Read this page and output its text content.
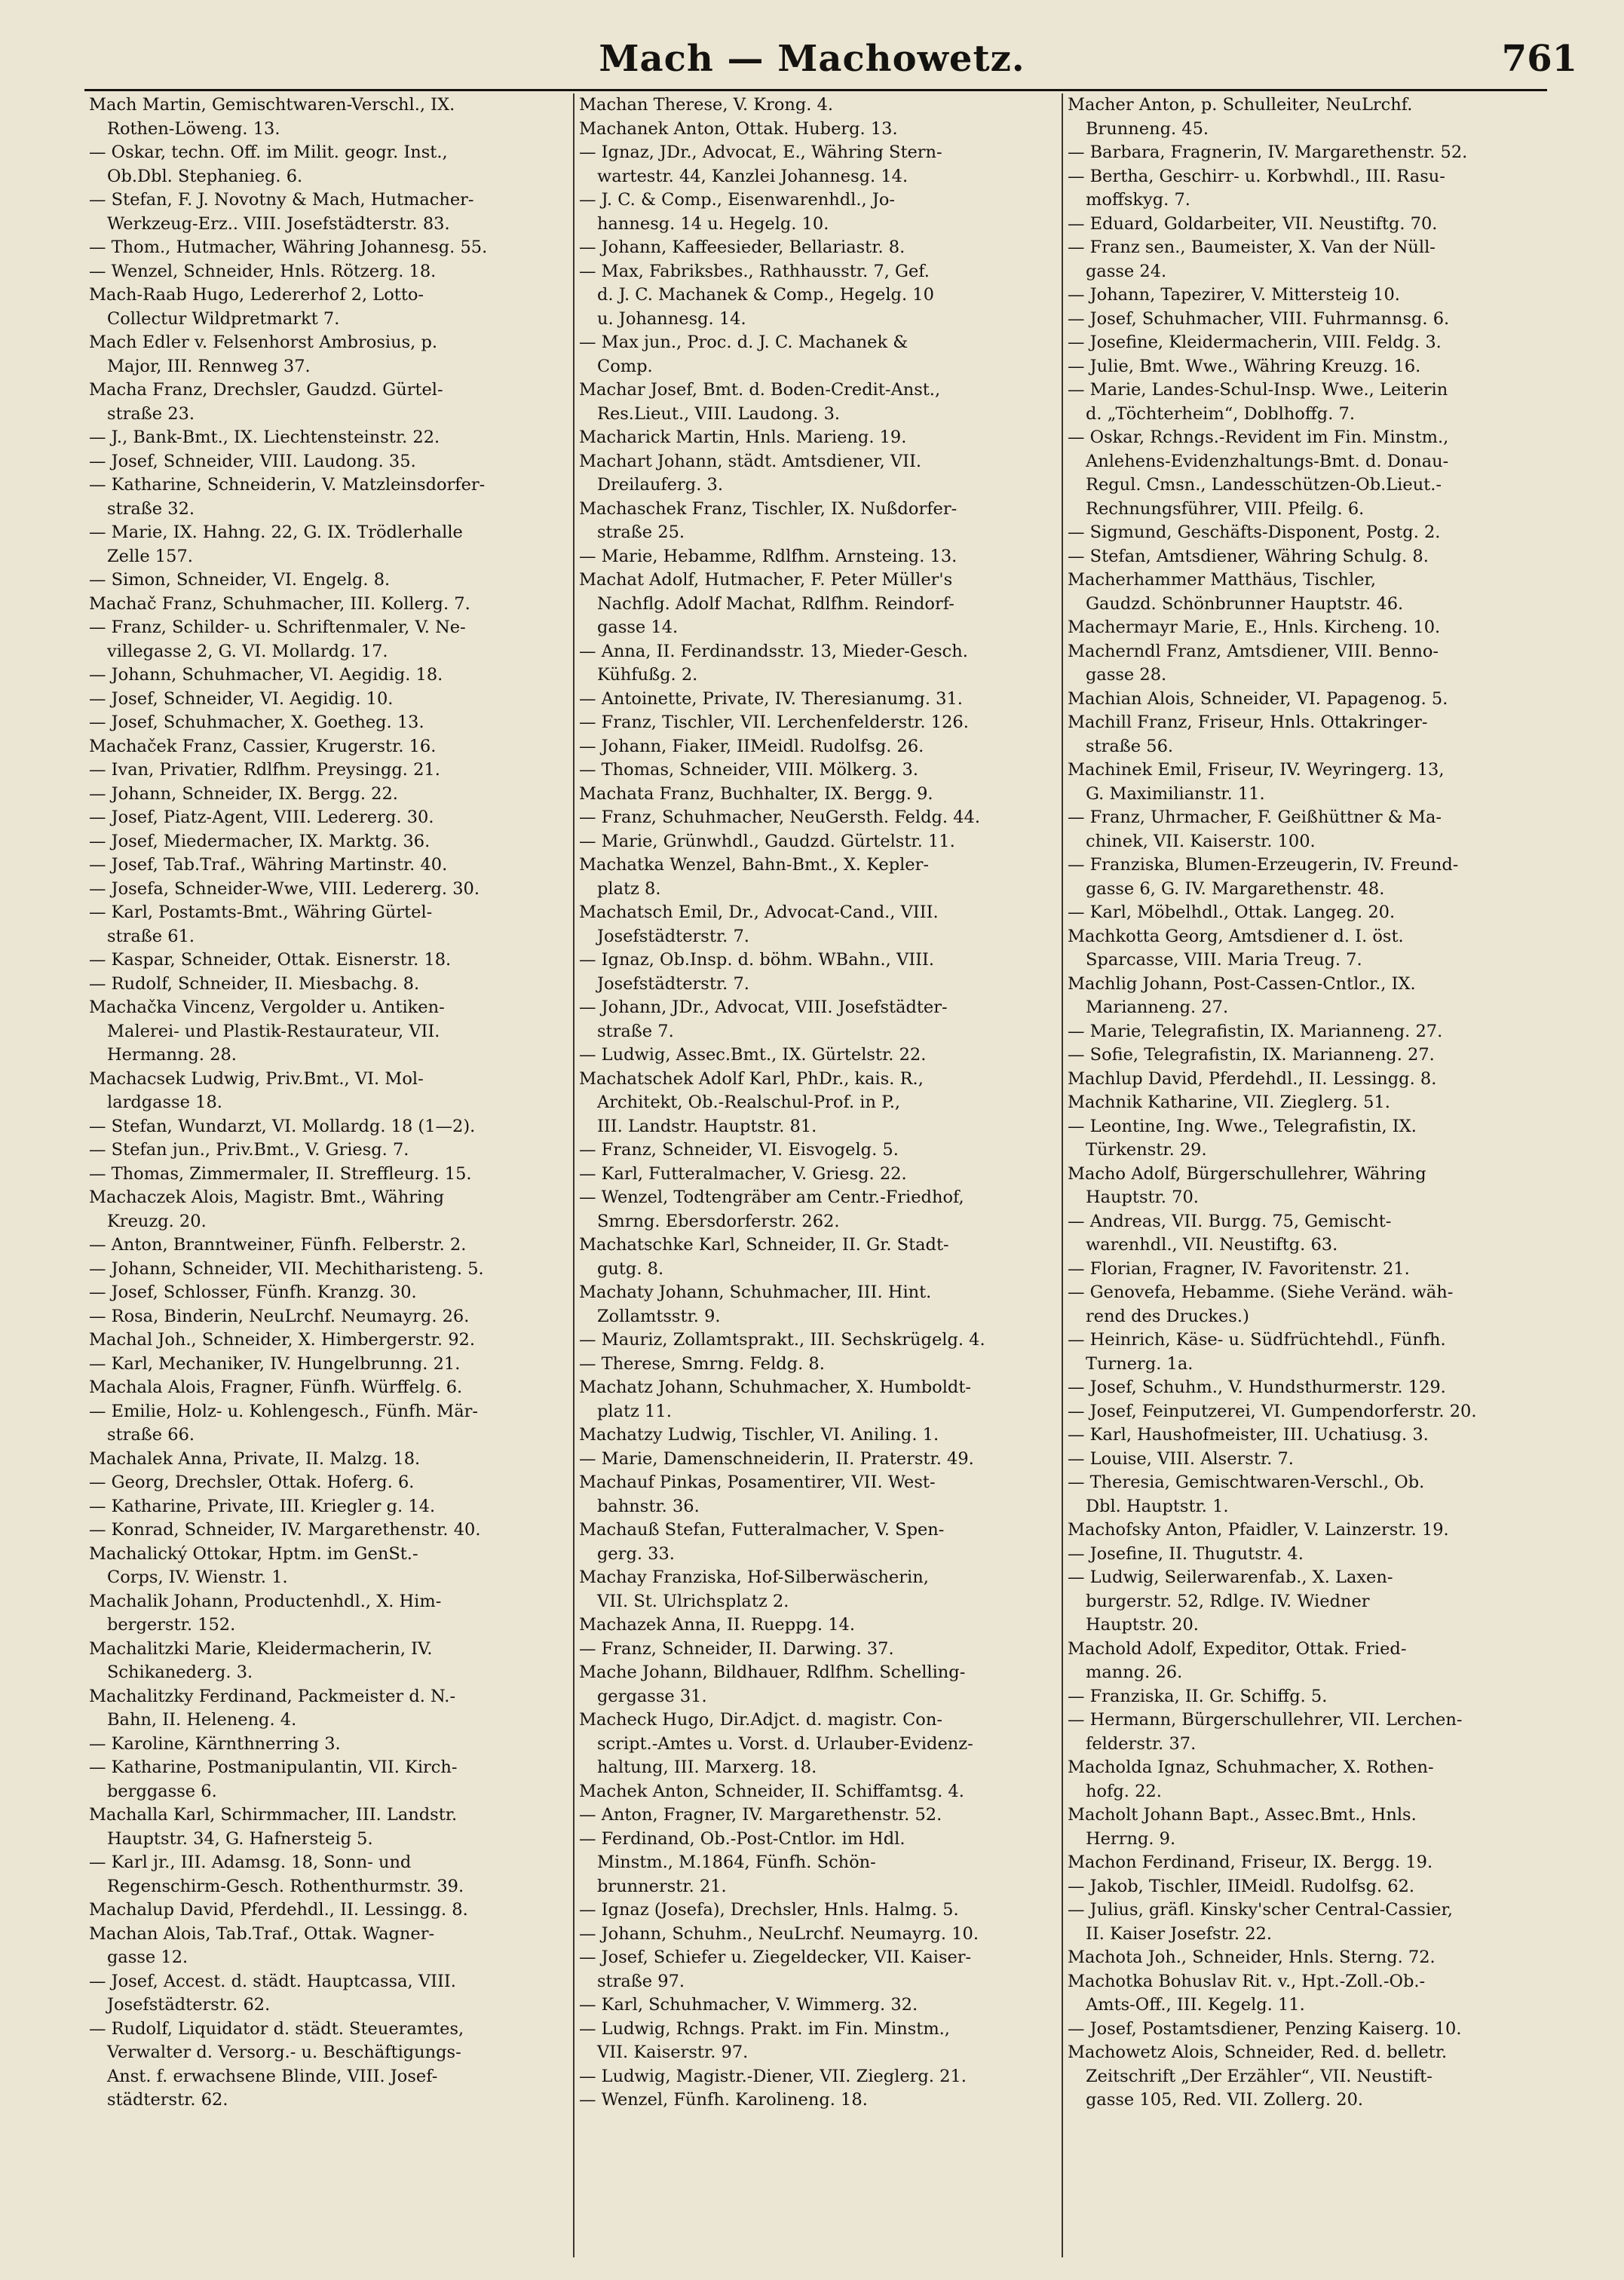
Mach — Machowetz.	761
Mach Martin, Gemischtwaren-Verschl., IX.
Rothen-Löweng. 13.
— Oskar, techn. Off. im Milit. geogr. Inst.,
Ob.Dbl. Stephanieg. 6.
— Stefan, F. J. Novotny & Mach, Hutmacher-
Werkzeug-Erz.. VIII. Josefstädterstr. 83.
— Thom., Hutmacher, Währing Johannesg. 55.
— Wenzel, Schneider, Hnls. Rötzerg. 18.
Mach-Raab Hugo, Ledererhof 2, Lotto-
Collectur Wildpretmarkt 7.
Mach Edler v. Felsenhorst Ambrosius, p.
Major, III. Rennweg 37.
Macha Franz, Drechsler, Gaudzd. Gürtel-
straße 23.
— J., Bank-Bmt., IX. Liechtensteinstr. 22.
— Josef, Schneider, VIII. Laudong. 35.
— Katharine, Schneiderin, V. Matzleinsdorfer-
straße 32.
— Marie, IX. Hahng. 22, G. IX. Trödlerhalle
Zelle 157.
— Simon, Schneider, VI. Engelg. 8.
Machač Franz, Schuhmacher, III. Kollerg. 7.
— Franz, Schilder- u. Schriftenmaler, V. Ne-
villegasse 2, G. VI. Mollardg. 17.
— Johann, Schuhmacher, VI. Aegidig. 18.
— Josef, Schneider, VI. Aegidig. 10.
— Josef, Schuhmacher, X. Goetheg. 13.
Machaček Franz, Cassier, Krugerstr. 16.
— Ivan, Privatier, Rdlfhm. Preysingg. 21.
— Johann, Schneider, IX. Bergg. 22.
— Josef, Piatz-Agent, VIII. Ledererg. 30.
— Josef, Miedermacher, IX. Marktg. 36.
— Josef, Tab.Traf., Währing Martinstr. 40.
— Josefa, Schneider-Wwe, VIII. Ledererg. 30.
— Karl, Postamts-Bmt., Währing Gürtel-
straße 61.
— Kaspar, Schneider, Ottak. Eisnerstr. 18.
— Rudolf, Schneider, II. Miesbachg. 8.
Machačka Vincenz, Vergolder u. Antiken-
Malerei- und Plastik-Restaurateur, VII.
Hermanng. 28.
Machacsek Ludwig, Priv.Bmt., VI. Mol-
lardgasse 18.
— Stefan, Wundarzt, VI. Mollardg. 18 (1—2).
— Stefan jun., Priv.Bmt., V. Griesg. 7.
— Thomas, Zimmermaler, II. Streffleurg. 15.
Machaczek Alois, Magistr. Bmt., Währing
Kreuzg. 20.
— Anton, Branntweiner, Fünfh. Felberstr. 2.
— Johann, Schneider, VII. Mechitharisteng. 5.
— Josef, Schlosser, Fünfh. Kranzg. 30.
— Rosa, Binderin, NeuLrchf. Neumayrg. 26.
Machal Joh., Schneider, X. Himbergerstr. 92.
— Karl, Mechaniker, IV. Hungelbrunng. 21.
Machala Alois, Fragner, Fünfh. Würffelg. 6.
— Emilie, Holz- u. Kohlengesch., Fünfh. Mär-
straße 66.
Machalek Anna, Private, II. Malzg. 18.
— Georg, Drechsler, Ottak. Hoferg. 6.
— Katharine, Private, III. Kriegler g. 14.
— Konrad, Schneider, IV. Margarethenstr. 40.
Machalický Ottokar, Hptm. im GenSt.-
Corps, IV. Wienstr. 1.
Machalik Johann, Productenhdl., X. Him-
bergerstr. 152.
Machalitzki Marie, Kleidermacherin, IV.
Schikanederg. 3.
Machalitzky Ferdinand, Packmeister d. N.-
Bahn, II. Heleneng. 4.
— Karoline, Kärnthnerring 3.
— Katharine, Postmanipulantin, VII. Kirch-
berggasse 6.
Machalla Karl, Schirmmacher, III. Landstr.
Hauptstr. 34, G. Hafnersteig 5.
— Karl jr., III. Adamsg. 18, Sonn- und
Regenschirm-Gesch. Rothenthurmstr. 39.
Machalup David, Pferdehdl., II. Lessingg. 8.
Machan Alois, Tab.Traf., Ottak. Wagner-
gasse 12.
— Josef, Accest. d. städt. Hauptcassa, VIII.
Josefstädterstr. 62.
— Rudolf, Liquidator d. städt. Steueramtes,
Verwalter d. Versorg.- u. Beschäftigungs-
Anst. f. erwachsene Blinde, VIII. Josef-
städterstr. 62.
Machan Therese, V. Krong. 4.
Machanek Anton, Ottak. Huberg. 13.
— Ignaz, JDr., Advocat, E., Währing Stern-
wartestr. 44, Kanzlei Johannesg. 14.
— J. C. & Comp., Eisenwarenhdl., Jo-
hannesg. 14 u. Hegelg. 10.
— Johann, Kaffeesieder, Bellariastr. 8.
— Max, Fabriksbes., Rathhausstr. 7, Gef.
d. J. C. Machanek & Comp., Hegelg. 10
u. Johannesg. 14.
— Max jun., Proc. d. J. C. Machanek &
Comp.
Machar Josef, Bmt. d. Boden-Credit-Anst.,
Res.Lieut., VIII. Laudong. 3.
Macharick Martin, Hnls. Marieng. 19.
Machart Johann, städt. Amtsdiener, VII.
Dreilauferg. 3.
Machaschek Franz, Tischler, IX. Nußdorfer-
straße 25.
— Marie, Hebamme, Rdlfhm. Arnsteing. 13.
Machat Adolf, Hutmacher, F. Peter Müller's
Nachflg. Adolf Machat, Rdlfhm. Reindorf-
gasse 14.
— Anna, II. Ferdinandsstr. 13, Mieder-Gesch.
Kühfußg. 2.
— Antoinette, Private, IV. Theresianumg. 31.
— Franz, Tischler, VII. Lerchenfelderstr. 126.
— Johann, Fiaker, IIMeidl. Rudolfsg. 26.
— Thomas, Schneider, VIII. Mölkerg. 3.
Machata Franz, Buchhalter, IX. Bergg. 9.
— Franz, Schuhmacher, NeuGersth. Feldg. 44.
— Marie, Grünwhdl., Gaudzd. Gürtelstr. 11.
Machatka Wenzel, Bahn-Bmt., X. Kepler-
platz 8.
Machatsch Emil, Dr., Advocat-Cand., VIII.
Josefstädterstr. 7.
— Ignaz, Ob.Insp. d. böhm. WBahn., VIII.
Josefstädterstr. 7.
— Johann, JDr., Advocat, VIII. Josefstädter-
straße 7.
— Ludwig, Assec.Bmt., IX. Gürtelstr. 22.
Machatschek Adolf Karl, PhDr., kais. R.,
Architekt, Ob.-Realschul-Prof. in P.,
III. Landstr. Hauptstr. 81.
— Franz, Schneider, VI. Eisvogelg. 5.
— Karl, Futteralmacher, V. Griesg. 22.
— Wenzel, Todtengräber am Centr.-Friedhof,
Smrng. Ebersdorferstr. 262.
Machatschke Karl, Schneider, II. Gr. Stadt-
gutg. 8.
Machaty Johann, Schuhmacher, III. Hint.
Zollamtsstr. 9.
— Mauriz, Zollamtsprakt., III. Sechskrügelg. 4.
— Therese, Smrng. Feldg. 8.
Machatz Johann, Schuhmacher, X. Humboldt-
platz 11.
Machatzy Ludwig, Tischler, VI. Aniling. 1.
— Marie, Damenschneiderin, II. Praterstr. 49.
Machauf Pinkas, Posamentirer, VII. West-
bahnstr. 36.
Machauß Stefan, Futteralmacher, V. Spen-
gerg. 33.
Machay Franziska, Hof-Silberwäscherin,
VII. St. Ulrichsplatz 2.
Machazek Anna, II. Rueppg. 14.
— Franz, Schneider, II. Darwing. 37.
Mache Johann, Bildhauer, Rdlfhm. Schelling-
gergasse 31.
Macheck Hugo, Dir.Adjct. d. magistr. Con-
script.-Amtes u. Vorst. d. Urlauber-Evidenz-
haltung, III. Marxerg. 18.
Machek Anton, Schneider, II. Schiffamtsg. 4.
— Anton, Fragner, IV. Margarethenstr. 52.
— Ferdinand, Ob.-Post-Cntlor. im Hdl.
Minstm., M.1864, Fünfh. Schön-
brunnerstr. 21.
— Ignaz (Josefa), Drechsler, Hnls. Halmg. 5.
— Johann, Schuhm., NeuLrchf. Neumayrg. 10.
— Josef, Schiefer u. Ziegeldecker, VII. Kaiser-
straße 97.
— Karl, Schuhmacher, V. Wimmerg. 32.
— Ludwig, Rchngs. Prakt. im Fin. Minstm.,
VII. Kaiserstr. 97.
— Ludwig, Magistr.-Diener, VII. Zieglerg. 21.
— Wenzel, Fünfh. Karolineng. 18.
Macher Anton, p. Schulleiter, NeuLrchf.
Brunneng. 45.
— Barbara, Fragnerin, IV. Margarethenstr. 52.
— Bertha, Geschirr- u. Korbwhdl., III. Rasu-
moffskyg. 7.
— Eduard, Goldarbeiter, VII. Neustiftg. 70.
— Franz sen., Baumeister, X. Van der Nüll-
gasse 24.
— Johann, Tapezirer, V. Mittersteig 10.
— Josef, Schuhmacher, VIII. Fuhrmannsg. 6.
— Josefine, Kleidermacherin, VIII. Feldg. 3.
— Julie, Bmt. Wwe., Währing Kreuzg. 16.
— Marie, Landes-Schul-Insp. Wwe., Leiterin
d. „Töchterheim“, Doblhoffg. 7.
— Oskar, Rchngs.-Revident im Fin. Minstm.,
Anlehens-Evidenzhaltungs-Bmt. d. Donau-
Regul. Cmsn., Landesschützen-Ob.Lieut.-
Rechnungsführer, VIII. Pfeilg. 6.
— Sigmund, Geschäfts-Disponent, Postg. 2.
— Stefan, Amtsdiener, Währing Schulg. 8.
Macherhammer Matthäus, Tischler,
Gaudzd. Schönbrunner Hauptstr. 46.
Machermayr Marie, E., Hnls. Kircheng. 10.
Macherndl Franz, Amtsdiener, VIII. Benno-
gasse 28.
Machian Alois, Schneider, VI. Papagenog. 5.
Machill Franz, Friseur, Hnls. Ottakringer-
straße 56.
Machinek Emil, Friseur, IV. Weyringerg. 13,
G. Maximilianstr. 11.
— Franz, Uhrmacher, F. Geißhüttner & Ma-
chinek, VII. Kaiserstr. 100.
— Franziska, Blumen-Erzeugerin, IV. Freund-
gasse 6, G. IV. Margarethenstr. 48.
— Karl, Möbelhdl., Ottak. Langeg. 20.
Machkotta Georg, Amtsdiener d. I. öst.
Sparcasse, VIII. Maria Treug. 7.
Machlig Johann, Post-Cassen-Cntlor., IX.
Marianneng. 27.
— Marie, Telegrafistin, IX. Marianneng. 27.
— Sofie, Telegrafistin, IX. Marianneng. 27.
Machlup David, Pferdehdl., II. Lessingg. 8.
Machnik Katharine, VII. Zieglerg. 51.
— Leontine, Ing. Wwe., Telegrafistin, IX.
Türkenstr. 29.
Macho Adolf, Bürgerschullehrer, Währing
Hauptstr. 70.
— Andreas, VII. Burgg. 75, Gemischt-
warenhdl., VII. Neustiftg. 63.
— Florian, Fragner, IV. Favoritenstr. 21.
— Genovefa, Hebamme. (Siehe Veränd. wäh-
rend des Druckes.)
— Heinrich, Käse- u. Südfrüchtehdl., Fünfh.
Turnerg. 1a.
— Josef, Schuhm., V. Hundsthurmerstr. 129.
— Josef, Feinputzerei, VI. Gumpendorferstr. 20.
— Karl, Haushofmeister, III. Uchatiusg. 3.
— Louise, VIII. Alserstr. 7.
— Theresia, Gemischtwaren-Verschl., Ob.
Dbl. Hauptstr. 1.
Machofsky Anton, Pfaidler, V. Lainzerstr. 19.
— Josefine, II. Thugutstr. 4.
— Ludwig, Seilerwarenfab., X. Laxen-
burgerstr. 52, Rdlge. IV. Wiedner
Hauptstr. 20.
Machold Adolf, Expeditor, Ottak. Fried-
manng. 26.
— Franziska, II. Gr. Schiffg. 5.
— Hermann, Bürgerschullehrer, VII. Lerchen-
felderstr. 37.
Macholda Ignaz, Schuhmacher, X. Rothen-
hofg. 22.
Macholt Johann Bapt., Assec.Bmt., Hnls.
Herrng. 9.
Machon Ferdinand, Friseur, IX. Bergg. 19.
— Jakob, Tischler, IIMeidl. Rudolfsg. 62.
— Julius, gräfl. Kinsky'scher Central-Cassier,
II. Kaiser Josefstr. 22.
Machota Joh., Schneider, Hnls. Sterng. 72.
Machotka Bohuslav Rit. v., Hpt.-Zoll.-Ob.-
Amts-Off., III. Kegelg. 11.
— Josef, Postamtsdiener, Penzing Kaiserg. 10.
Machowetz Alois, Schneider, Red. d. belletr.
Zeitschrift „Der Erzähler“, VII. Neustift-
gasse 105, Red. VII. Zollerg. 20.
